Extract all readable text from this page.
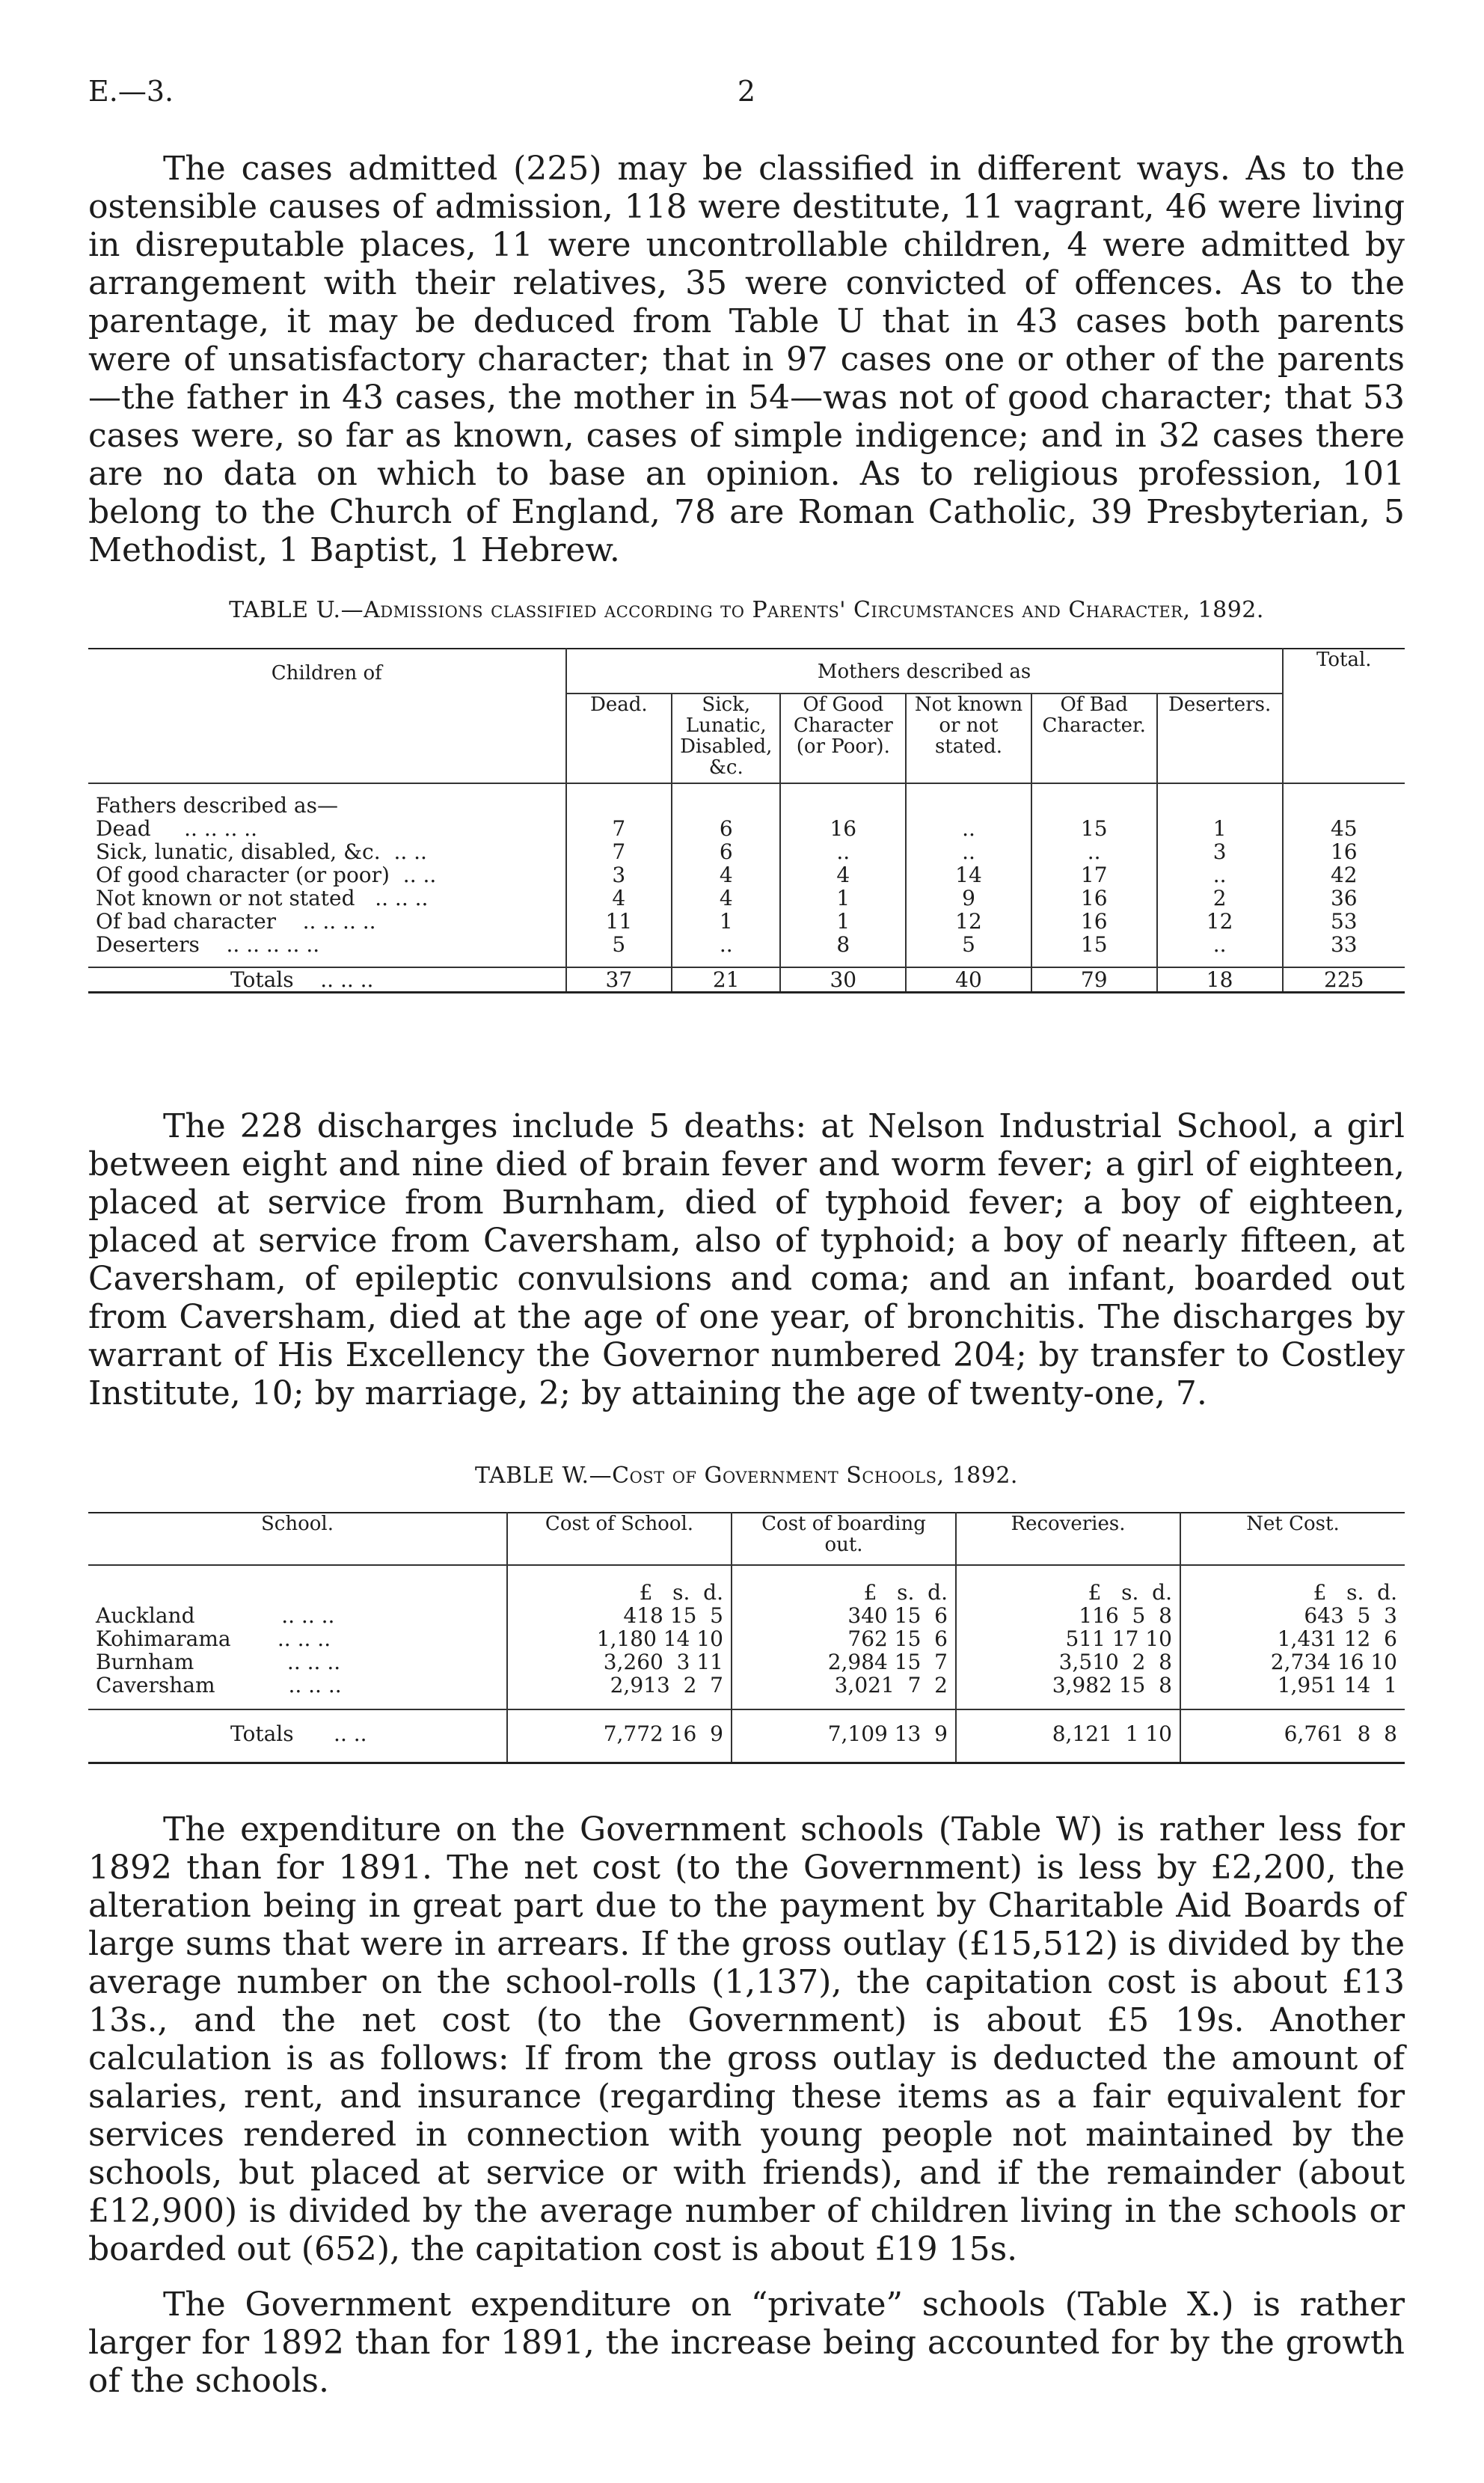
E.—3.	2

The cases admitted (225) may be classified in different ways. As to the ostensible causes of admission, 118 were destitute, 11 vagrant, 46 were living in disreputable places, 11 were uncontrollable children, 4 were admitted by arrangement with their relatives, 35 were convicted of offences. As to the parentage, it may be deduced from Table U that in 43 cases both parents were of unsatisfactory character; that in 97 cases one or other of the parents—the father in 43 cases, the mother in 54—was not of good character; that 53 cases were, so far as known, cases of simple indigence; and in 32 cases there are no data on which to base an opinion. As to religious profession, 101 belong to the Church of England, 78 are Roman Catholic, 39 Presbyterian, 5 Methodist, 1 Baptist, 1 Hebrew.

TABLE U.—Admissions classified according to Parents' Circumstances and Character, 1892.
Children of	Mothers described as						Total.
	Dead.	Sick, Lunatic, Disabled, &c.	Of Good Character (or Poor).	Not known or not stated.	Of Bad Character.	Deserters.	

Fathers described as—							
Dead .. .. .. ..	7	6	16	..	15	1	45
Sick, lunatic, disabled, &c. .. ..	7	6	..	..	..	3	16
Of good character (or poor) .. ..	3	4	4	14	17	..	42
Not known or not stated .. .. ..	4	4	1	9	16	2	36
Of bad character .. .. .. ..	11	1	1	12	16	12	53
Deserters .. .. .. .. ..	5	..	8	5	15	..	33
Totals .. .. ..	37	21	30	40	79	18	225

The 228 discharges include 5 deaths: at Nelson Industrial School, a girl between eight and nine died of brain fever and worm fever; a girl of eighteen, placed at service from Burnham, died of typhoid fever; a boy of eighteen, placed at service from Caversham, also of typhoid; a boy of nearly fifteen, at Caversham, of epileptic convulsions and coma; and an infant, boarded out from Caversham, died at the age of one year, of bronchitis. The discharges by warrant of His Excellency the Governor numbered 204; by transfer to Costley Institute, 10; by marriage, 2; by attaining the age of twenty-one, 7.

TABLE W.—Cost of Government Schools, 1892.
School.	Cost of School.	Cost of boarding out.	Recoveries.	Net Cost.
	£   s.  d.	£   s.  d.	£   s.  d.	£   s.  d.
Auckland .. .. ..	418 15  5	340 15  6	116  5  8	643  5  3
Kohimarama .. .. ..	1,180 14 10	762 15  6	511 17 10	1,431 12  6
Burnham .. .. ..	3,260  3 11	2,984 15  7	3,510  2  8	2,734 16 10
Caversham .. .. ..	2,913  2  7	3,021  7  2	3,982 15  8	1,951 14  1
Totals .. ..	7,772 16  9	7,109 13  9	8,121  1 10	6,761  8  8

The expenditure on the Government schools (Table W) is rather less for 1892 than for 1891. The net cost (to the Government) is less by £2,200, the alteration being in great part due to the payment by Charitable Aid Boards of large sums that were in arrears. If the gross outlay (£15,512) is divided by the average number on the school-rolls (1,137), the capitation cost is about £13 13s., and the net cost (to the Government) is about £5 19s. Another calculation is as follows: If from the gross outlay is deducted the amount of salaries, rent, and insurance (regarding these items as a fair equivalent for services rendered in connection with young people not maintained by the schools, but placed at service or with friends), and if the remainder (about £12,900) is divided by the average number of children living in the schools or boarded out (652), the capitation cost is about £19 15s.

The Government expenditure on “private” schools (Table X.) is rather larger for 1892 than for 1891, the increase being accounted for by the growth of the schools.
